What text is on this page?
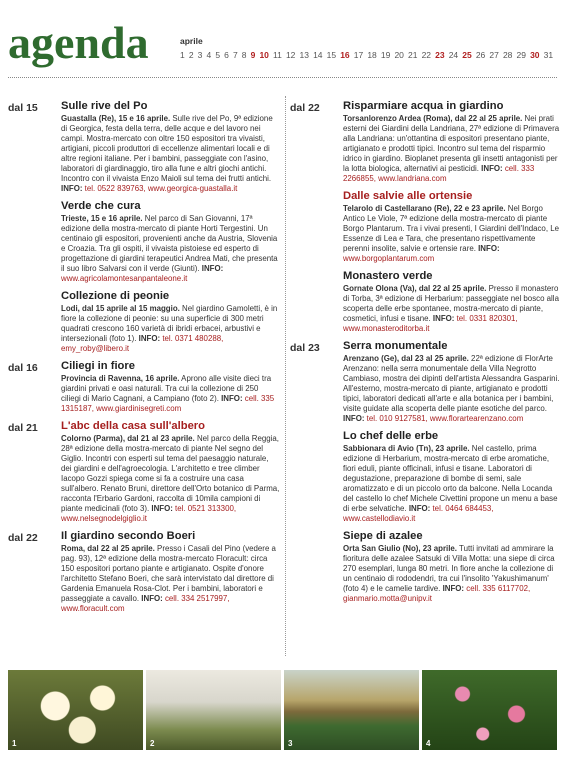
agenda	aprile
1 2 3 4 5 6 7 8 9 10 11 12 13 14 15 16 17 18 19 20 21 22 23 24 25 26 27 28 29 30 31
dal 15 Sulle rive del Po
Guastalla (Re), 15 e 16 aprile. Sulle rive del Po, 9ª edizione di Georgica, festa della terra, delle acque e del lavoro nei campi. Mostra-mercato con oltre 150 espositori tra vivaisti, artigiani, piccoli produttori di eccellenze alimentari locali e di altre regioni italiane. Per i bambini, passeggiate con l'asino, laboratori di giardinaggio, tiro alla fune e altri giochi antichi. Incontro con il vivaista Enzo Maioli sul tema dei frutti antichi. INFO: tel. 0522 839763, www.georgica-guastalla.it
Verde che cura
Trieste, 15 e 16 aprile. Nel parco di San Giovanni, 17ª edizione della mostra-mercato di piante Horti Tergestini. Un centinaio gli espositori, provenienti anche da Austria, Slovenia e Croazia. Tra gli ospiti, il vivaista pistoiese ed esperto di progettazione di giardini terapeutici Andrea Mati, che presenta il suo libro Salvarsi con il verde (Giunti). INFO: www.agricolamontesanpantaleone.it
Collezione di peonie
Lodi, dal 15 aprile al 15 maggio. Nel giardino Gamoletti, è in fiore la collezione di peonie: su una superficie di 300 metri quadrati crescono 160 varietà di ibridi erbacei, arbustivi e intersezionali (foto 1). INFO: tel. 0371 480288, emy_roby@libero.it
dal 16 Ciliegi in fiore
Provincia di Ravenna, 16 aprile. Aprono alle visite dieci tra giardini privati e oasi naturali. Tra cui la collezione di 250 ciliegi di Mario Cagnani, a Campiano (foto 2). INFO: cell. 335 1315187, www.giardinisegreti.com
dal 21 L'abc della casa sull'albero
Colorno (Parma), dal 21 al 23 aprile. Nel parco della Reggia, 28ª edizione della mostra-mercato di piante Nel segno del Giglio. Incontri con esperti sul tema del paesaggio naturale, dei giardini e dell'agroecologia. L'architetto e tree climber Iacopo Gozzi spiega come si fa a costruire una casa sull'albero. Renato Bruni, direttore dell'Orto botanico di Parma, racconta l'Erbario Gardoni, raccolta di 10mila campioni di piante medicinali (foto 3). INFO: tel. 0521 313300, www.nelsegnodelgiglio.it
dal 22 Il giardino secondo Boeri
Roma, dal 22 al 25 aprile. Presso i Casali del Pino (vedere a pag. 93), 12ª edizione della mostra-mercato Floracult: circa 150 espositori portano piante e artigianato. Ospite d'onore l'architetto Stefano Boeri, che sarà intervistato dal direttore di Gardenia Emanuela Rosa-Clot. Per i bambini, laboratori e passeggiate a cavallo. INFO: cell. 334 2517997, www.floracult.com
dal 22 Risparmiare acqua in giardino
Torsanlorenzo Ardea (Roma), dal 22 al 25 aprile. Nei prati esterni dei Giardini della Landriana, 27ª edizione di Primavera alla Landriana: un'ottantina di espositori presentano piante, artigianato e prodotti tipici. Incontro sul tema del risparmio idrico in giardino. Bioplanet presenta gli insetti antagonisti per la lotta biologica, alternativi ai pesticidi. INFO: cell. 333 2266855, www.landriana.com
Dalle salvie alle ortensie
Telarolo di Castellarano (Re), 22 e 23 aprile. Nel Borgo Antico Le Viole, 7ª edizione della mostra-mercato di piante Borgo Plantarum. Tra i vivai presenti, I Giardini dell'Indaco, Le Essenze di Lea e Tara, che presentano rispettivamente perenni insolite, salvie e ortensie rare. INFO: www.borgoplantarum.com
Monastero verde
Gornate Olona (Va), dal 22 al 25 aprile. Presso il monastero di Torba, 3ª edizione di Herbarium: passeggiate nel bosco alla scoperta delle erbe spontanee, mostra-mercato di piante, cosmetici, infusi e tisane. INFO: tel. 0331 820301, www.monasteroditorba.it
dal 23 Serra monumentale
Arenzano (Ge), dal 23 al 25 aprile. 22ª edizione di FlorArte Arenzano: nella serra monumentale della Villa Negrotto Cambiaso, mostra dei dipinti dell'artista Alessandra Gasparini. All'esterno, mostra-mercato di piante, artigianato e prodotti tipici, laboratori dedicati all'arte e alla botanica per i bambini, visite guidate alla scoperta delle piante esotiche del parco. INFO: tel. 010 9127581, www.florartearenzano.com
Lo chef delle erbe
Sabbionara di Avio (Tn), 23 aprile. Nel castello, prima edizione di Herbarium, mostra-mercato di erbe aromatiche, fiori eduli, piante officinali, infusi e tisane. Laboratori di degustazione, preparazione di bombe di semi, sale aromatizzato e di un piccolo orto da balcone. Nella Locanda del castello lo chef Michele Civettini propone un menu a base di erbe selvatiche. INFO: tel. 0464 684453, www.castellodiavio.it
Siepe di azalee
Orta San Giulio (No), 23 aprile. Tutti invitati ad ammirare la fioritura delle azalee Satsuki di Villa Motta: una siepe di circa 270 esemplari, lunga 80 metri. In fiore anche la collezione di un centinaio di rododendri, tra cui l'insolito 'Yakushimanum' (foto 4) e le camelie tardive. INFO: cell. 335 6117702, gianmario.motta@unipv.it
1	2	3	4
